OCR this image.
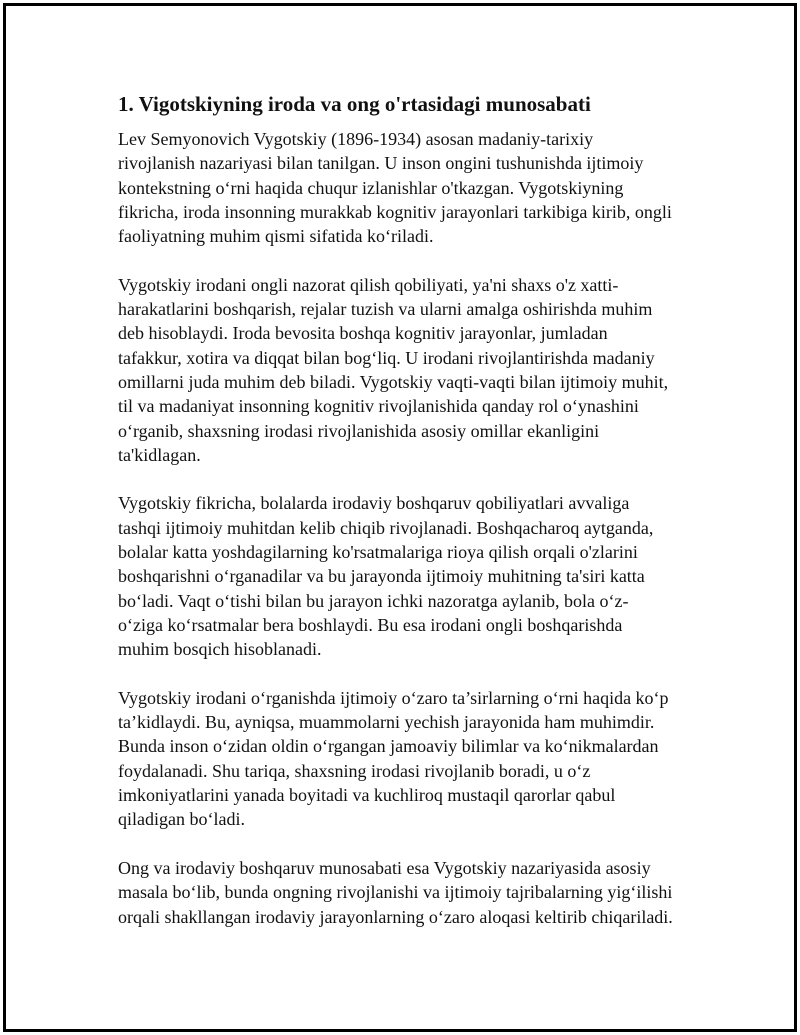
1. Vigotskiyning iroda va ong o'rtasidagi munosabati

Lev Semyonovich Vygotskiy (1896-1934) asosan madaniy-tarixiy
rivojlanish nazariyasi bilan tanilgan. U inson ongini tushunishda ijtimoiy
kontekstning o‘rni haqida chuqur izlanishlar o'tkazgan. Vygotskiyning
fikricha, iroda insonning murakkab kognitiv jarayonlari tarkibiga kirib, ongli
faoliyatning muhim qismi sifatida ko‘riladi.

Vygotskiy irodani ongli nazorat qilish qobiliyati, ya'ni shaxs o'z xatti-
harakatlarini boshqarish, rejalar tuzish va ularni amalga oshirishda muhim
deb hisoblaydi. Iroda bevosita boshqa kognitiv jarayonlar, jumladan
tafakkur, xotira va diqqat bilan bog‘liq. U irodani rivojlantirishda madaniy
omillarni juda muhim deb biladi. Vygotskiy vaqti-vaqti bilan ijtimoiy muhit,
til va madaniyat insonning kognitiv rivojlanishida qanday rol o‘ynashini
o‘rganib, shaxsning irodasi rivojlanishida asosiy omillar ekanligini
ta'kidlagan.

Vygotskiy fikricha, bolalarda irodaviy boshqaruv qobiliyatlari avvaliga
tashqi ijtimoiy muhitdan kelib chiqib rivojlanadi. Boshqacharoq aytganda,
bolalar katta yoshdagilarning ko'rsatmalariga rioya qilish orqali o'zlarini
boshqarishni o‘rganadilar va bu jarayonda ijtimoiy muhitning ta'siri katta
bo‘ladi. Vaqt o‘tishi bilan bu jarayon ichki nazoratga aylanib, bola o‘z-
o‘ziga ko‘rsatmalar bera boshlaydi. Bu esa irodani ongli boshqarishda
muhim bosqich hisoblanadi.

Vygotskiy irodani o‘rganishda ijtimoiy o‘zaro ta’sirlarning o‘rni haqida ko‘p
ta’kidlaydi. Bu, ayniqsa, muammolarni yechish jarayonida ham muhimdir.
Bunda inson o‘zidan oldin o‘rgangan jamoaviy bilimlar va ko‘nikmalardan
foydalanadi. Shu tariqa, shaxsning irodasi rivojlanib boradi, u o‘z
imkoniyatlarini yanada boyitadi va kuchliroq mustaqil qarorlar qabul
qiladigan bo‘ladi.

Ong va irodaviy boshqaruv munosabati esa Vygotskiy nazariyasida asosiy
masala bo‘lib, bunda ongning rivojlanishi va ijtimoiy tajribalarning yig‘ilishi
orqali shakllangan irodaviy jarayonlarning o‘zaro aloqasi keltirib chiqariladi.
